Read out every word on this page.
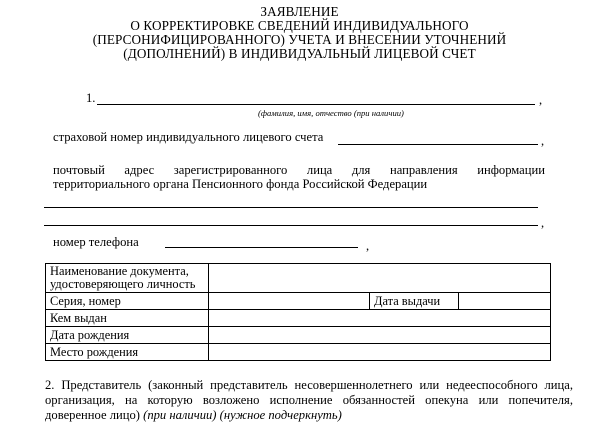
ЗАЯВЛЕНИЕ
О КОРРЕКТИРОВКЕ СВЕДЕНИЙ ИНДИВИДУАЛЬНОГО
(ПЕРСОНИФИЦИРОВАННОГО) УЧЕТА И ВНЕСЕНИИ УТОЧНЕНИЙ
(ДОПОЛНЕНИЙ) В ИНДИВИДУАЛЬНЫЙ ЛИЦЕВОЙ СЧЕТ
1.	,
(фамилия, имя, отчество (при наличии)
страховой номер индивидуального лицевого счета	,
почтовый адрес зарегистрированного лица для направления информации
территориального органа Пенсионного фонда Российской Федерации
,
номер телефона	,
Наименование документа,
удостоверяющего личность			

Серия, номер		Дата выдачи	
Кем выдан			
Дата рождения			
Место рождения			
2. Представитель (законный представитель несовершеннолетнего или недееспособного лица,
организация, на которую возложено исполнение обязанностей опекуна или попечителя,
доверенное лицо) (при наличии) (нужное подчеркнуть)
